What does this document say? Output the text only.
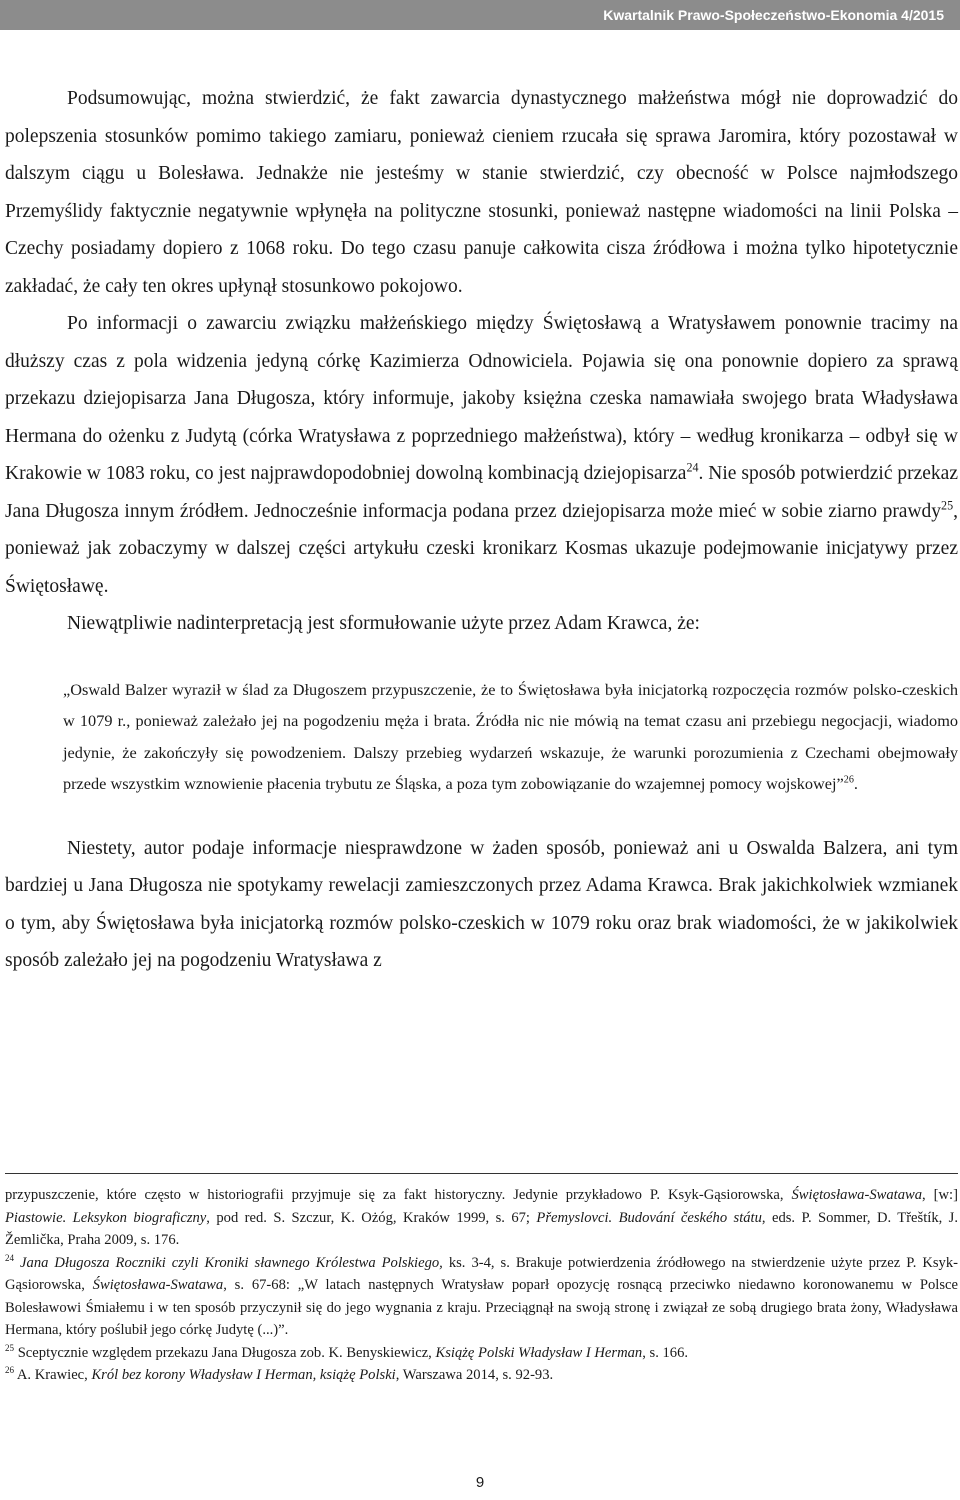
Kwartalnik Prawo-Społeczeństwo-Ekonomia 4/2015

Podsumowując, można stwierdzić, że fakt zawarcia dynastycznego małżeństwa mógł nie doprowadzić do polepszenia stosunków pomimo takiego zamiaru, ponieważ cieniem rzucała się sprawa Jaromira, który pozostawał w dalszym ciągu u Bolesława. Jednakże nie jesteśmy w stanie stwierdzić, czy obecność w Polsce najmłodszego Przemyślidy faktycznie negatywnie wpłynęła na polityczne stosunki, ponieważ następne wiadomości na linii Polska – Czechy posiadamy dopiero z 1068 roku. Do tego czasu panuje całkowita cisza źródłowa i można tylko hipotetycznie zakładać, że cały ten okres upłynął stosunkowo pokojowo.

Po informacji o zawarciu związku małżeńskiego między Świętosławą a Wratysławem ponownie tracimy na dłuższy czas z pola widzenia jedyną córkę Kazimierza Odnowiciela. Pojawia się ona ponownie dopiero za sprawą przekazu dziejopisarza Jana Długosza, który informuje, jakoby księżna czeska namawiała swojego brata Władysława Hermana do ożenku z Judytą (córka Wratysława z poprzedniego małżeństwa), który – według kronikarza – odbył się w Krakowie w 1083 roku, co jest najprawdopodobniej dowolną kombinacją dziejopisarza$^{24}$. Nie sposób potwierdzić przekaz Jana Długosza innym źródłem. Jednocześnie informacja podana przez dziejopisarza może mieć w sobie ziarno prawdy$^{25}$, ponieważ jak zobaczymy w dalszej części artykułu czeski kronikarz Kosmas ukazuje podejmowanie inicjatywy przez Świętosławę.

Niewątpliwie nadinterpretacją jest sformułowanie użyte przez Adam Krawca, że:

„Oswald Balzer wyraził w ślad za Długoszem przypuszczenie, że to Świętosława była inicjatorką rozpoczęcia rozmów polsko-czeskich w 1079 r., ponieważ zależało jej na pogodzeniu męża i brata. Źródła nic nie mówią na temat czasu ani przebiegu negocjacji, wiadomo jedynie, że zakończyły się powodzeniem. Dalszy przebieg wydarzeń wskazuje, że warunki porozumienia z Czechami obejmowały przede wszystkim wznowienie płacenia trybutu ze Śląska, a poza tym zobowiązanie do wzajemnej pomocy wojskowej”$^{26}$.

Niestety, autor podaje informacje niesprawdzone w żaden sposób, ponieważ ani u Oswalda Balzera, ani tym bardziej u Jana Długosza nie spotykamy rewelacji zamieszczonych przez Adama Krawca. Brak jakichkolwiek wzmianek o tym, aby Świętosława była inicjatorką rozmów polsko-czeskich w 1079 roku oraz brak wiadomości, że w jakikolwiek sposób zależało jej na pogodzeniu Wratysława z

przypuszczenie, które często w historiografii przyjmuje się za fakt historyczny. Jedynie przykładowo P. Ksyk-Gąsiorowska, Świętosława-Swatawa, [w:] Piastowie. Leksykon biograficzny, pod red. S. Szczur, K. Ożóg, Kraków 1999, s. 67; Přemyslovci. Budování českého státu, eds. P. Sommer, D. Třeštík, J. Žemlička, Praha 2009, s. 176.

$^{24}$ Jana Długosza Roczniki czyli Kroniki sławnego Królestwa Polskiego, ks. 3-4, s. Brakuje potwierdzenia źródłowego na stwierdzenie użyte przez P. Ksyk-Gąsiorowska, Świętosława-Swatawa, s. 67-68: „W latach następnych Wratysław poparł opozycję rosnącą przeciwko niedawno koronowanemu w Polsce Bolesławowi Śmiałemu i w ten sposób przyczynił się do jego wygnania z kraju. Przeciągnął na swoją stronę i związał ze sobą drugiego brata żony, Władysława Hermana, który poślubił jego córkę Judytę (...)”.

$^{25}$ Sceptycznie względem przekazu Jana Długosza zob. K. Benyskiewicz, Książę Polski Władysław I Herman, s. 166.

$^{26}$ A. Krawiec, Król bez korony Władysław I Herman, książę Polski, Warszawa 2014, s. 92-93.

9
